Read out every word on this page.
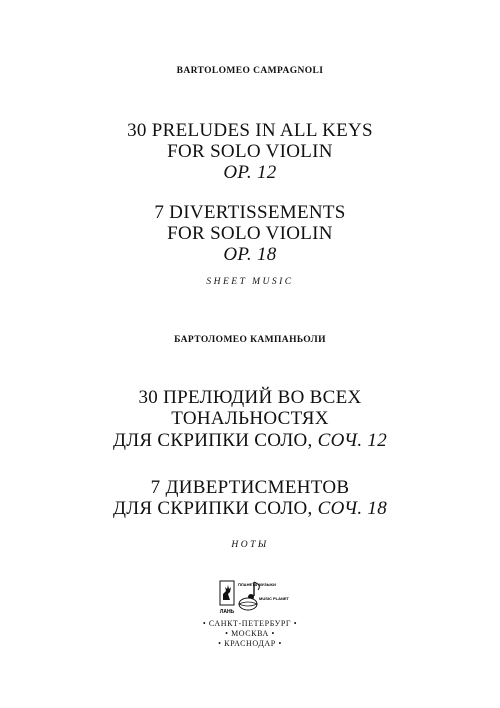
BARTOLOMEO CAMPAGNOLI
30 PRELUDES IN ALL KEYS
FOR SOLO VIOLIN
OP. 12
7 DIVERTISSEMENTS
FOR SOLO VIOLIN
OP. 18
SHEET MUSIC
БАРТОЛОМЕО КАМПАНЬОЛИ
30 ПРЕЛЮДИЙ ВО ВСЕХ
ТОНАЛЬНОСТЯХ
ДЛЯ СКРИПКИ СОЛО, СОЧ. 12
7 ДИВЕРТИСМЕНТОВ
ДЛЯ СКРИПКИ СОЛО, СОЧ. 18
НОТЫ
ЛАНЬ
ПЛАНЕТА МУЗЫКИ
MUSIC PLANET
• САНКТ-ПЕТЕРБУРГ •
• МОСКВА •
• КРАСНОДАР •
